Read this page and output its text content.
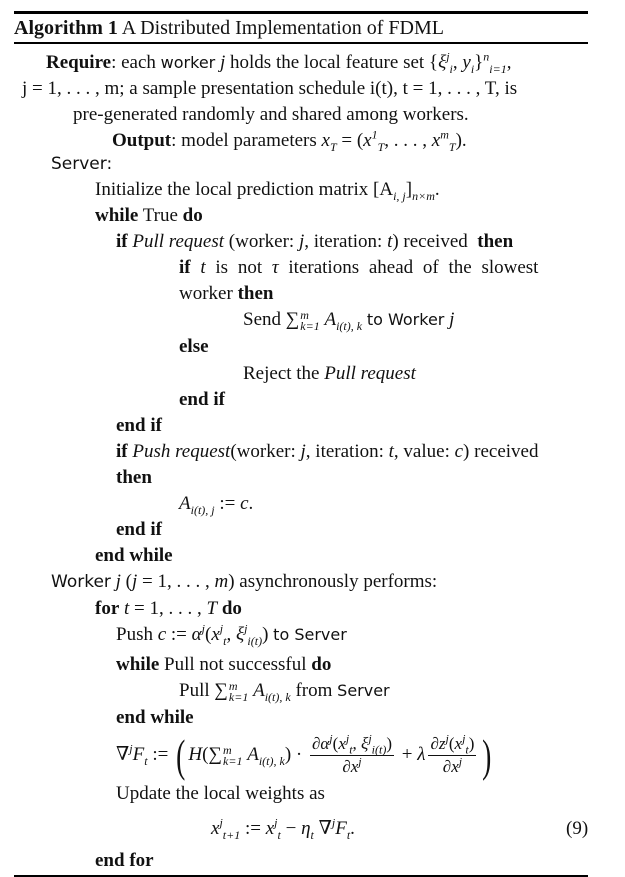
Algorithm 1 A Distributed Implementation of FDML
Require: each worker j holds the local feature set {$\xi^j_i$, $y_i\}^n_{i=1}$,
j = 1, . . . , m; a sample presentation schedule i(t), t = 1, . . . , T, is
pre-generated randomly and shared among workers.
Output: model parameters $x_T = (x^1_T$, . . . , $x^m_T$).
Server:
Initialize the local prediction matrix $[A_{i, j}]_{n\times m}$.
while True do
if Pull request (worker: j, iteration: t) received  then
if t is not τ iterations ahead of the slowest
worker then
Send ∑m
k=1 $A_{i(t), k}$ to Worker j
else
Reject the Pull request
end if
end if
if Push request(worker: j, iteration: t, value: c) received
then
$A_{i(t), j}$ := c.
end if
end while
Worker j (j = 1, . . . , m) asynchronously performs:
for t = 1, . . . , T do
Push c := $\alpha^j(x^j_t$, $\xi^j_{i(t)}$) to Server
while Pull not successful do
Pull ∑m
k=1 $A_{i(t), k}$ from Server
end while
$\nabla^jF_t$ := ( H(∑m
k=1 $A_{i(t), k}) \cdot \frac{\partial\alpha^j(x^j_t, \xi^j_{i(t)})}{\partial x^j} + \lambda \frac{\partial z^j(x^j_t)}{\partial x^j}$ )
Update the local weights as
$x^j_{t+1}$ := $x^j_t - \eta_t$ $\nabla^jF_t$.	(9)
end for
